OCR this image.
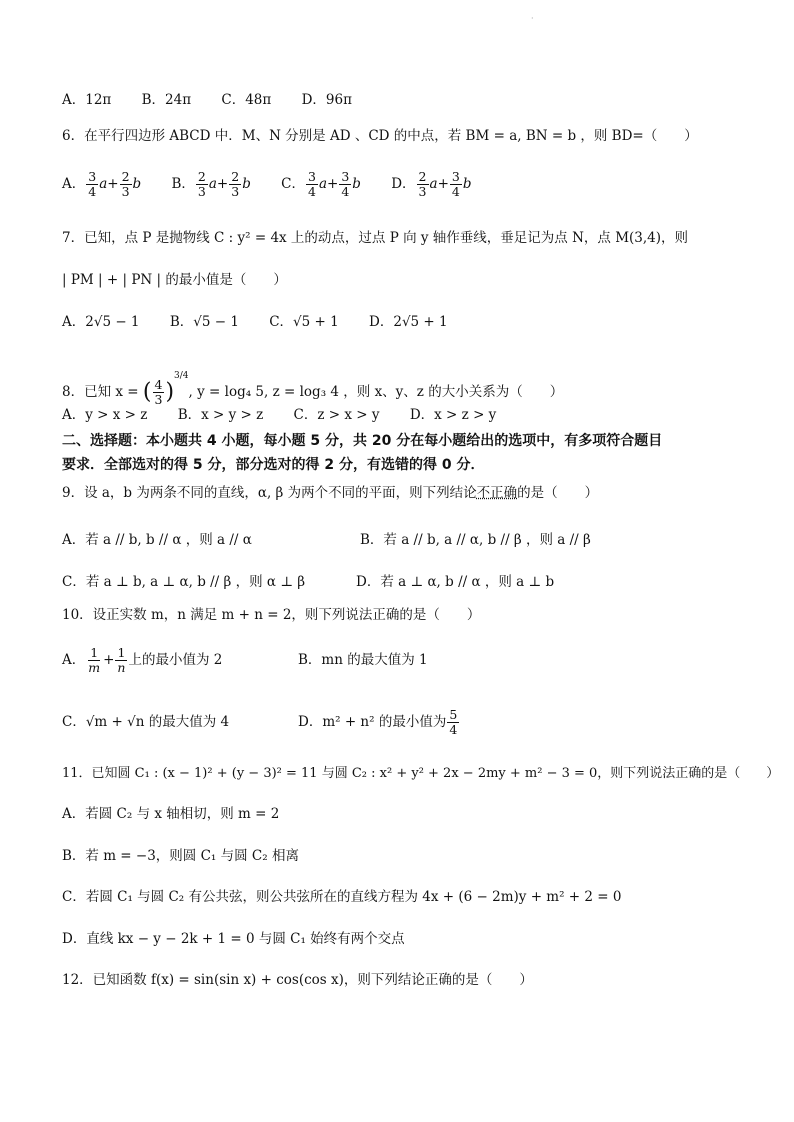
·
A．12π B．24π C．48π D．96π
6．在平行四边形 ABCD 中．M、N 分别是 AD 、CD 的中点，若 BM = a, BN = b ，则 BD=（　　）
A． $\frac{3}{4} a+ \frac{2}{3}$ b B． $\frac{2}{3} a+ \frac{2}{3}$ b C． $\frac{3}{4} a+ \frac{3}{4}$ b D． $\frac{2}{3} a+ \frac{3}{4}$ b
7．已知，点 P 是抛物线 C : y² = 4x 上的动点，过点 P 向 y 轴作垂线，垂足记为点 N，点 M(3,4)，则
| PM | + | PN | 的最小值是（　　）
A．2√5 − 1 B．√5 − 1 C．√5 + 1 D．2√5 + 1
8．已知 x = ( $\frac{4}{3} )^{3/4}$, y = log₄ 5, z = log₃ 4 ，则 x、y、z 的大小关系为（　　）
A．y > x > z B．x > y > z C．z > x > y D．x > z > y
二、选择题：本小题共 4 小题，每小题 5 分，共 20 分在每小题给出的选项中，有多项符合题目
要求．全部选对的得 5 分，部分选对的得 2 分，有选错的得 0 分．
9．设 a，b 为两条不同的直线，α, β 为两个不同的平面，则下列结论不正确的是（　　）
A．若 a // b, b // α ，则 a // α	B．若 a // b, a // α, b // β ，则 a // β
C．若 a ⊥ b, a ⊥ α, b // β ，则 α ⊥ β	D．若 a ⊥ α, b // α ，则 a ⊥ b
10．设正实数 m，n 满足 m + n = 2，则下列说法正确的是（　　）
A． $\frac{1}{m} + \frac{1}{n}$ 上的最小值为 2	B．mn 的最大值为 1
C．√m + √n 的最大值为 4	D．m² + n² 的最小值为 $\frac{5}{4}$
11．已知圆 C₁ : (x − 1)² + (y − 3)² = 11 与圆 C₂ : x² + y² + 2x − 2my + m² − 3 = 0，则下列说法正确的是（　　）
A．若圆 C₂ 与 x 轴相切，则 m = 2
B．若 m = −3，则圆 C₁ 与圆 C₂ 相离
C．若圆 C₁ 与圆 C₂ 有公共弦，则公共弦所在的直线方程为 4x + (6 − 2m)y + m² + 2 = 0
D．直线 kx − y − 2k + 1 = 0 与圆 C₁ 始终有两个交点
12．已知函数 f(x) = sin(sin x) + cos(cos x)，则下列结论正确的是（　　）
